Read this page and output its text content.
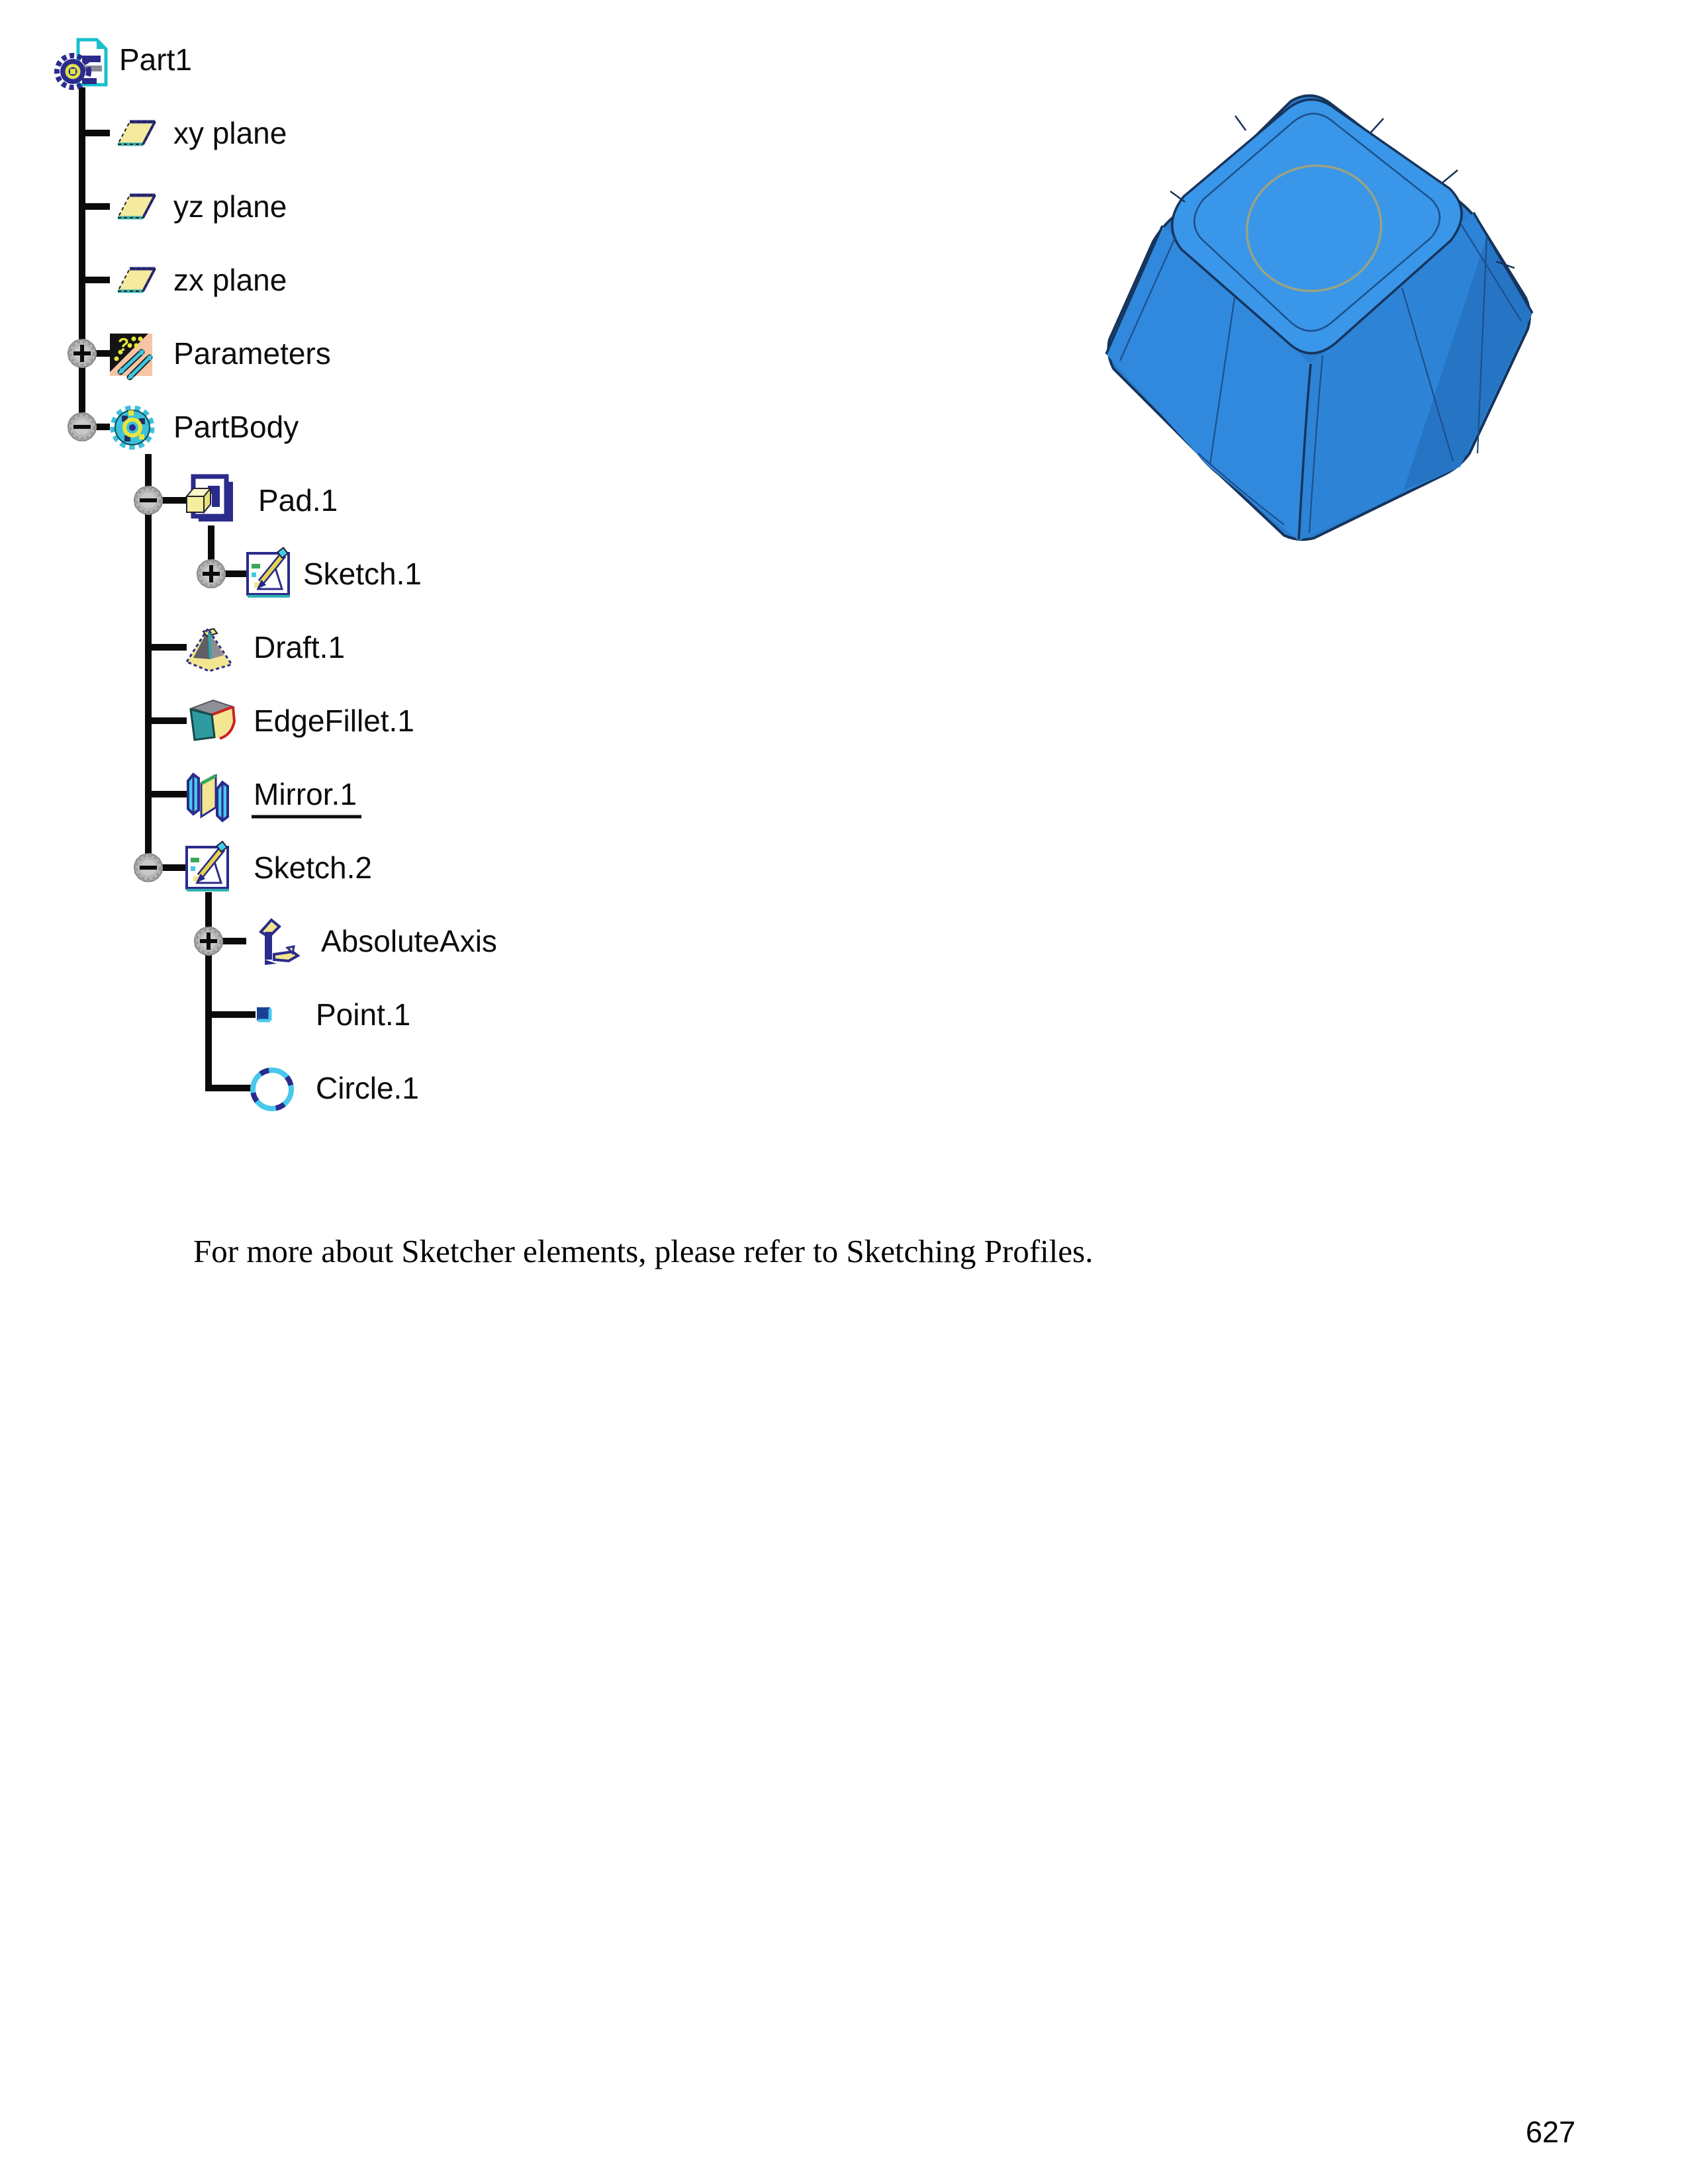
Part1
xy plane
yz plane
zx plane
Parameters
PartBody
Pad.1
Sketch.1
Draft.1
EdgeFillet.1
Mirror.1
Sketch.2
AbsoluteAxis
Point.1
Circle.1
For more about Sketcher elements, please refer to Sketching Profiles.
627
